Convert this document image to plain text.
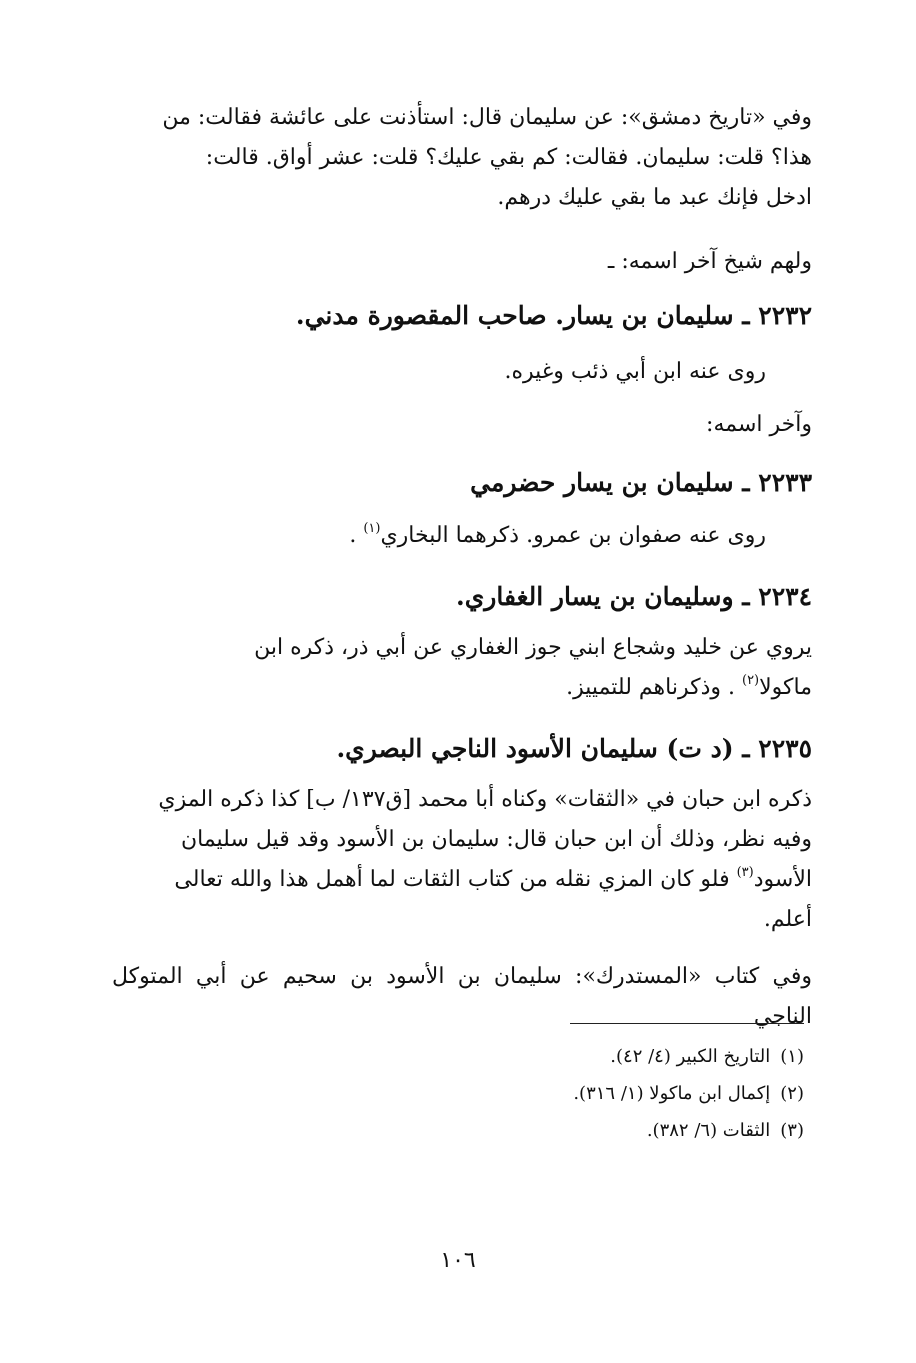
وفي «تاريخ دمشق»: عن سليمان قال: استأذنت على عائشة فقالت: من
هذا؟ قلت: سليمان. فقالت: كم بقي عليك؟ قلت: عشر أواق. قالت:
ادخل فإنك عبد ما بقي عليك درهم.
ولهم شيخ آخر اسمه: ـ
٢٢٣٢ ـ سليمان بن يسار. صاحب المقصورة مدني.
روى عنه ابن أبي ذئب وغيره.
وآخر اسمه:
٢٢٣٣ ـ سليمان بن يسار حضرمي
روى عنه صفوان بن عمرو. ذكرهما البخاري$^{(١)}$ .
٢٢٣٤ ـ وسليمان بن يسار الغفاري.
يروي عن خليد وشجاع ابني جوز الغفاري عن أبي ذر، ذكره ابن
ماكولا$^{(٢)}$ . وذكرناهم للتمييز.
٢٢٣٥ ـ (د ت) سليمان الأسود الناجي البصري.
ذكره ابن حبان في «الثقات» وكناه أبا محمد [ق١٣٧/ ب] كذا ذكره المزي
وفيه نظر، وذلك أن ابن حبان قال: سليمان بن الأسود وقد قيل سليمان
الأسود$^{(٣)}$ فلو كان المزي نقله من كتاب الثقات لما أهمل هذا والله تعالى
أعلم.
وفي كتاب «المستدرك»: سليمان بن الأسود بن سحيم عن أبي المتوكل الناجي
(١)التاريخ الكبير (٤/ ٤٢).
(٢)إكمال ابن ماكولا (١/ ٣١٦).
(٣)الثقات (٦/ ٣٨٢).
١٠٦
